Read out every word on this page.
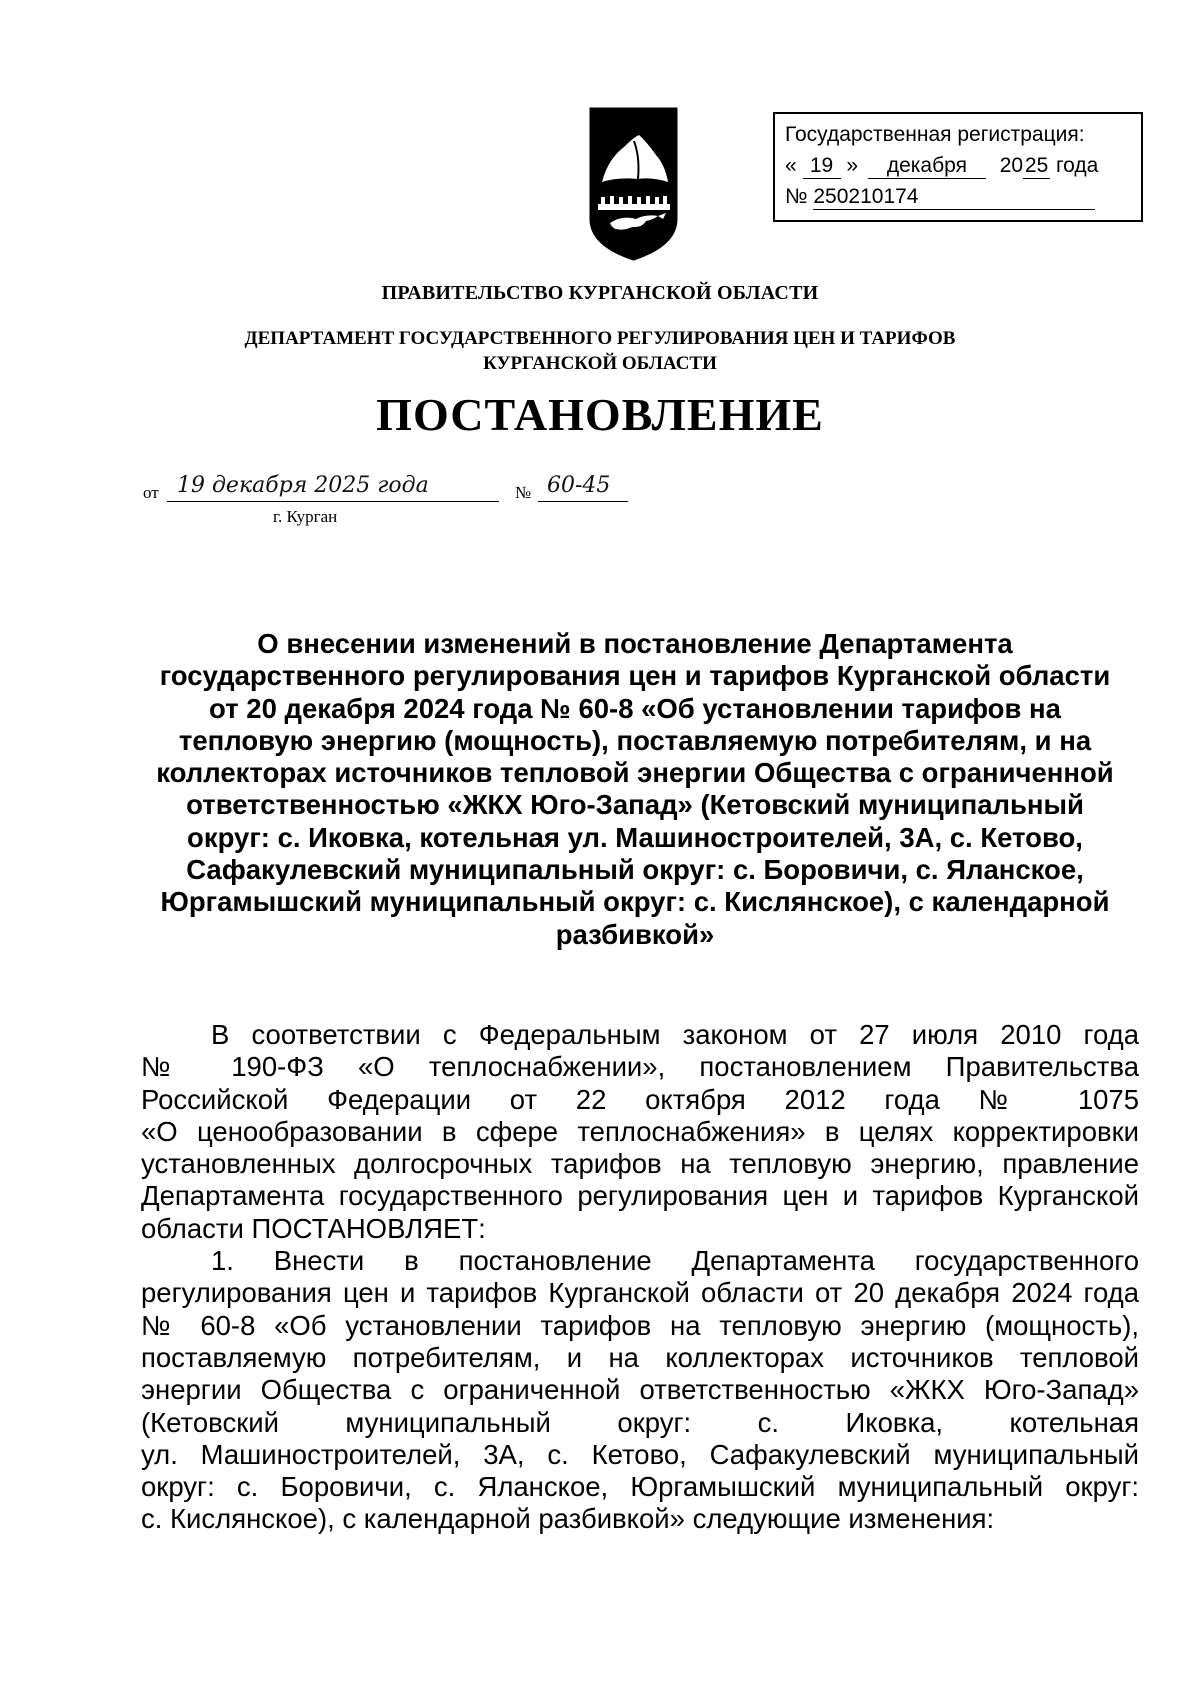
Государственная регистрация:
« 19 » декабря 2025 года
№ 250210174
ПРАВИТЕЛЬСТВО КУРГАНСКОЙ ОБЛАСТИ
ДЕПАРТАМЕНТ ГОСУДАРСТВЕННОГО РЕГУЛИРОВАНИЯ ЦЕН И ТАРИФОВ
КУРГАНСКОЙ ОБЛАСТИ
ПОСТАНОВЛЕНИЕ
от 19 декабря 2025 года	№ 60-45
г. Курган
О внесении изменений в постановление Департамента
государственного регулирования цен и тарифов Курганской области
от 20 декабря 2024 года № 60-8 «Об установлении тарифов на
тепловую энергию (мощность), поставляемую потребителям, и на
коллекторах источников тепловой энергии Общества с ограниченной
ответственностью «ЖКХ Юго-Запад» (Кетовский муниципальный
округ: с. Иковка, котельная ул. Машиностроителей, 3А, с. Кетово,
Сафакулевский муниципальный округ: с. Боровичи, с. Яланское,
Юргамышский муниципальный округ: с. Кислянское), с календарной
разбивкой»
В соответствии с Федеральным законом от 27 июля 2010 года
№ 190-ФЗ «О теплоснабжении», постановлением Правительства
Российской Федерации от 22 октября 2012 года № 1075
«О ценообразовании в сфере теплоснабжения» в целях корректировки
установленных долгосрочных тарифов на тепловую энергию, правление
Департамента государственного регулирования цен и тарифов Курганской
области ПОСТАНОВЛЯЕТ:
1. Внести в постановление Департамента государственного
регулирования цен и тарифов Курганской области от 20 декабря 2024 года
№ 60-8 «Об установлении тарифов на тепловую энергию (мощность),
поставляемую потребителям, и на коллекторах источников тепловой
энергии Общества с ограниченной ответственностью «ЖКХ Юго-Запад»
(Кетовский муниципальный округ: с. Иковка, котельная
ул. Машиностроителей, 3А, с. Кетово, Сафакулевский муниципальный
округ: с. Боровичи, с. Яланское, Юргамышский муниципальный округ:
с. Кислянское), с календарной разбивкой» следующие изменения:
